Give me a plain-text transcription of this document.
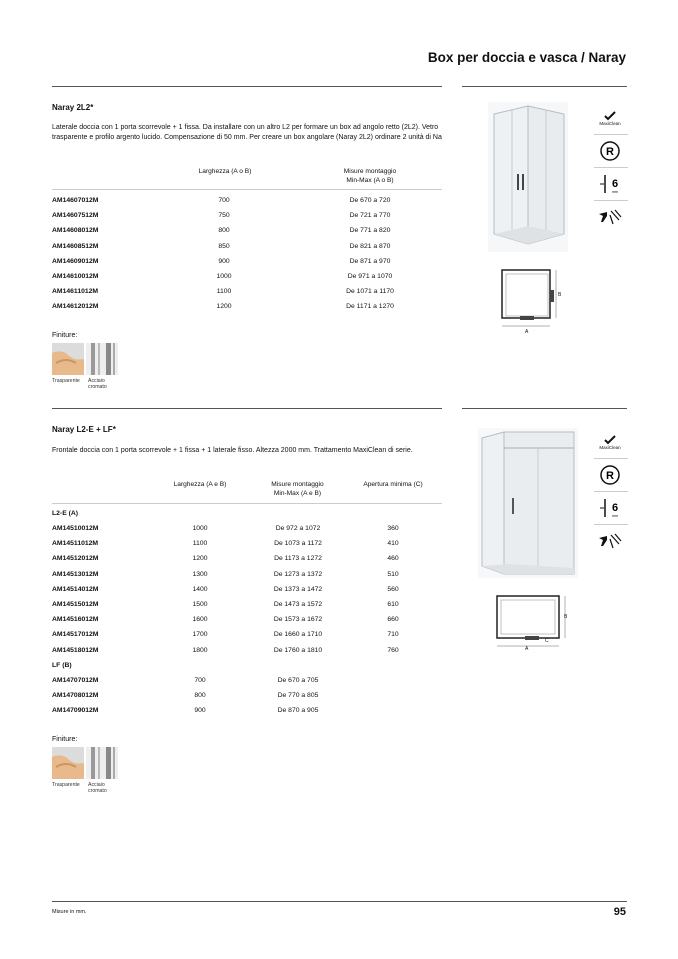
Box per doccia e vasca / Naray
Naray 2L2*
Laterale doccia con 1 porta scorrevole + 1 fissa. Da installare con un altro L2 per formare un box ad angolo retto (2L2). Vetro trasparente e profilo argento lucido. Compensazione di 50 mm. Per creare un box angolare (Naray 2L2) ordinare 2 unità di Na
Larghezza (A o B)	Misure montaggio
Min-Max (A o B)
AM14607012M	700	De 670 a 720
AM14607512M	750	De 721 a 770
AM14608012M	800	De 771 a 820
AM14608512M	850	De 821 a 870
AM14609012M	900	De 871 a 970
AM14610012M	1000	De 971 a 1070
AM14611012M	1100	De 1071 a 1170
AM14612012M	1200	De 1171 a 1270
Finiture:
Trasparente Acciaio
cromato
B
A
MaxiClean
R
6
mm
Naray L2-E + LF*
Frontale doccia con 1 porta scorrevole + 1 fissa + 1 laterale fisso. Altezza 2000 mm. Trattamento MaxiClean di serie.
Larghezza (A e B)	Misure montaggio
Min-Max (A e B)
Apertura minima (C)
L2-E (A)
AM14510012M	1000	De 972 a 1072	360
AM14511012M	1100	De 1073 a 1172	410
AM14512012M	1200	De 1173 a 1272	460
AM14513012M	1300	De 1273 a 1372	510
AM14514012M	1400	De 1373 a 1472	560
AM14515012M	1500	De 1473 a 1572	610
AM14516012M	1600	De 1573 a 1672	660
AM14517012M	1700	De 1660 a 1710	710
AM14518012M	1800	De 1760 a 1810	760
LF (B)
AM14707012M	700	De 670 a 705
AM14708012M	800	De 770 a 805
AM14709012M	900	De 870 a 905
Finiture:
Trasparente Acciaio
cromato
B
C
A
MaxiClean
R
6
mm
Misure in mm.	95
